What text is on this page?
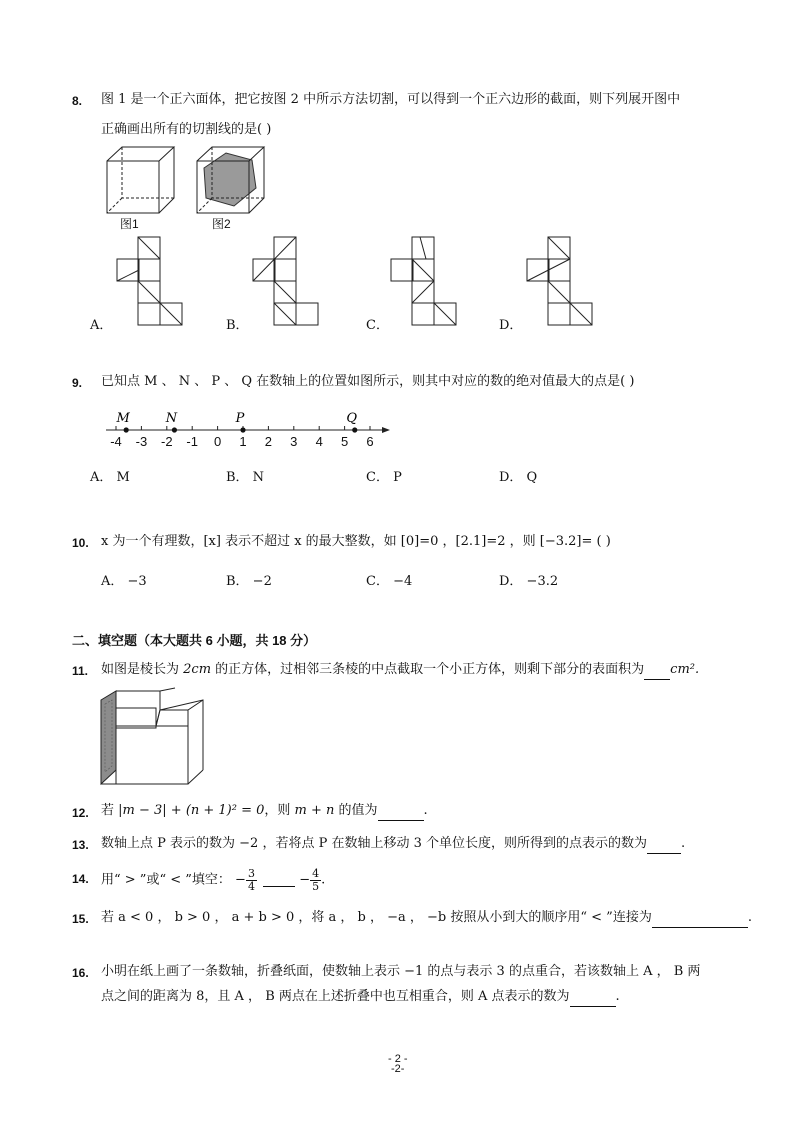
8. 图 1 是一个正六面体，把它按图 2 中所示方法切割，可以得到一个正六边形的截面，则下列展开图中
正确画出所有的切割线的是( )
图1	图2
A．	B．	C．	D．
9. 已知点 M 、 N 、 P 、 Q 在数轴上的位置如图所示，则其中对应的数的绝对值最大的点是( )
-4 -3 -2 -1 0 1 2 3 4 5 6
M	N	P	Q
A． M	B． N	C． P	D． Q
10. x 为一个有理数，[x] 表示不超过 x 的最大整数，如 [0]=0 ，[2.1]=2 ，则 [−3.2]= ( )
A． −3	B． −2	C． −4	D． −3.2
二、填空题（本大题共 6 小题，共 18 分）
11. 如图是棱长为 2cm 的正方体，过相邻三条棱的中点截取一个小正方体，则剩下部分的表面积为 cm².
12. 若 |m − 3| + (n + 1)² = 0，则 m + n 的值为	.
13. 数轴上点 P 表示的数为 −2 ，若将点 P 在数轴上移动 3 个单位长度，则所得到的点表示的数为	.
14. 用“ > ”或“ < ”填空： − $\frac{3}{4}$	− $\frac{4}{5}$ .
15. 若 a < 0 ， b > 0 ， a + b > 0 ，将 a ， b ， −a ， −b 按照从小到大的顺序用“ < ”连接为	.
16. 小明在纸上画了一条数轴，折叠纸面，使数轴上表示 −1 的点与表示 3 的点重合，若该数轴上 A ， B 两
点之间的距离为 8，且 A ， B 两点在上述折叠中也互相重合，则 A 点表示的数为	.
- 2 -
-2-
